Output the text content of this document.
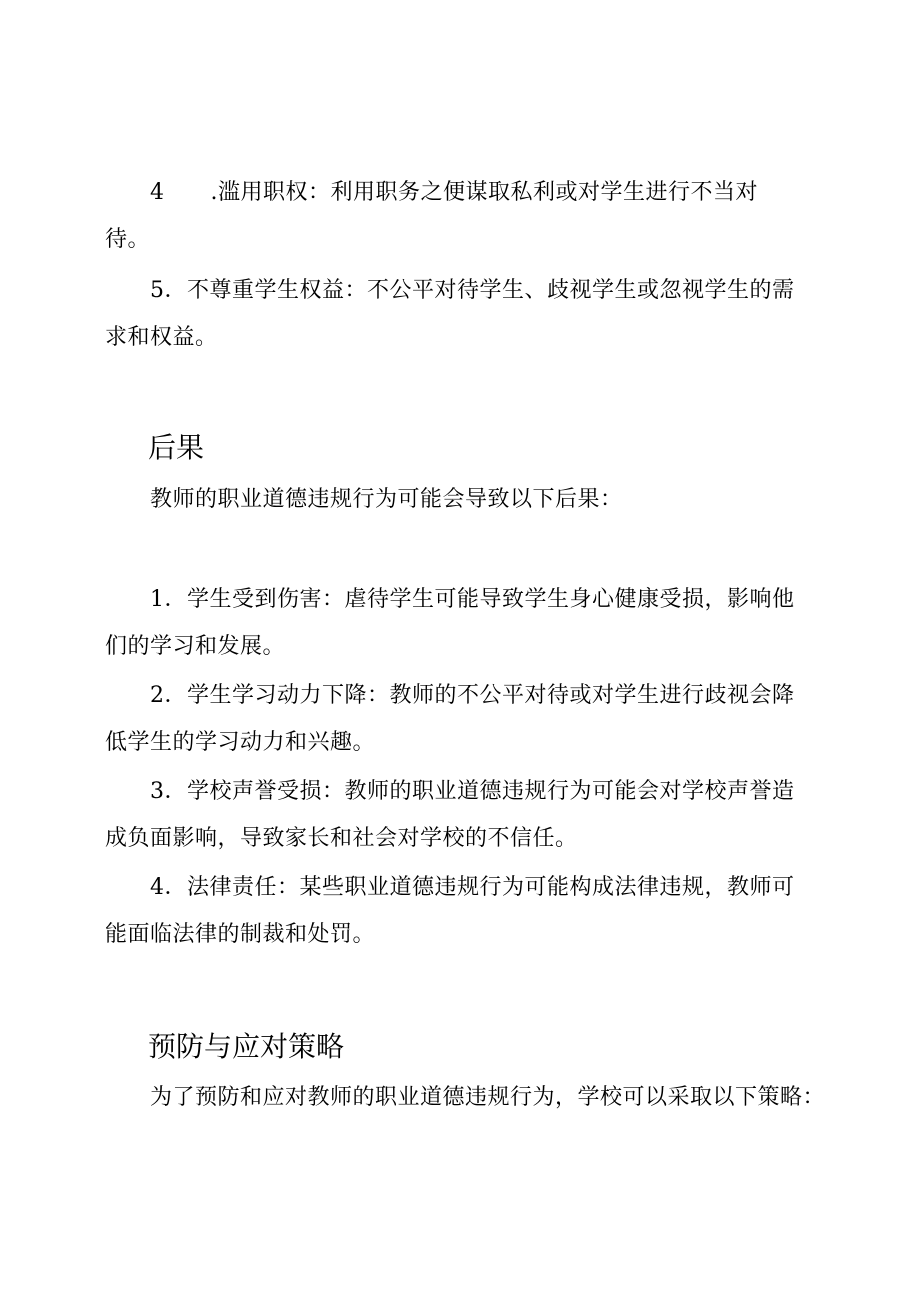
4 .滥用职权：利用职务之便谋取私利或对学生进行不当对
待。
5．不尊重学生权益：不公平对待学生、歧视学生或忽视学生的需
求和权益。
后果
教师的职业道德违规行为可能会导致以下后果：
1．学生受到伤害：虐待学生可能导致学生身心健康受损，影响他
们的学习和发展。
2．学生学习动力下降：教师的不公平对待或对学生进行歧视会降
低学生的学习动力和兴趣。
3．学校声誉受损：教师的职业道德违规行为可能会对学校声誉造
成负面影响，导致家长和社会对学校的不信任。
4．法律责任：某些职业道德违规行为可能构成法律违规，教师可
能面临法律的制裁和处罚。
预防与应对策略
为了预防和应对教师的职业道德违规行为，学校可以采取以下策略：
